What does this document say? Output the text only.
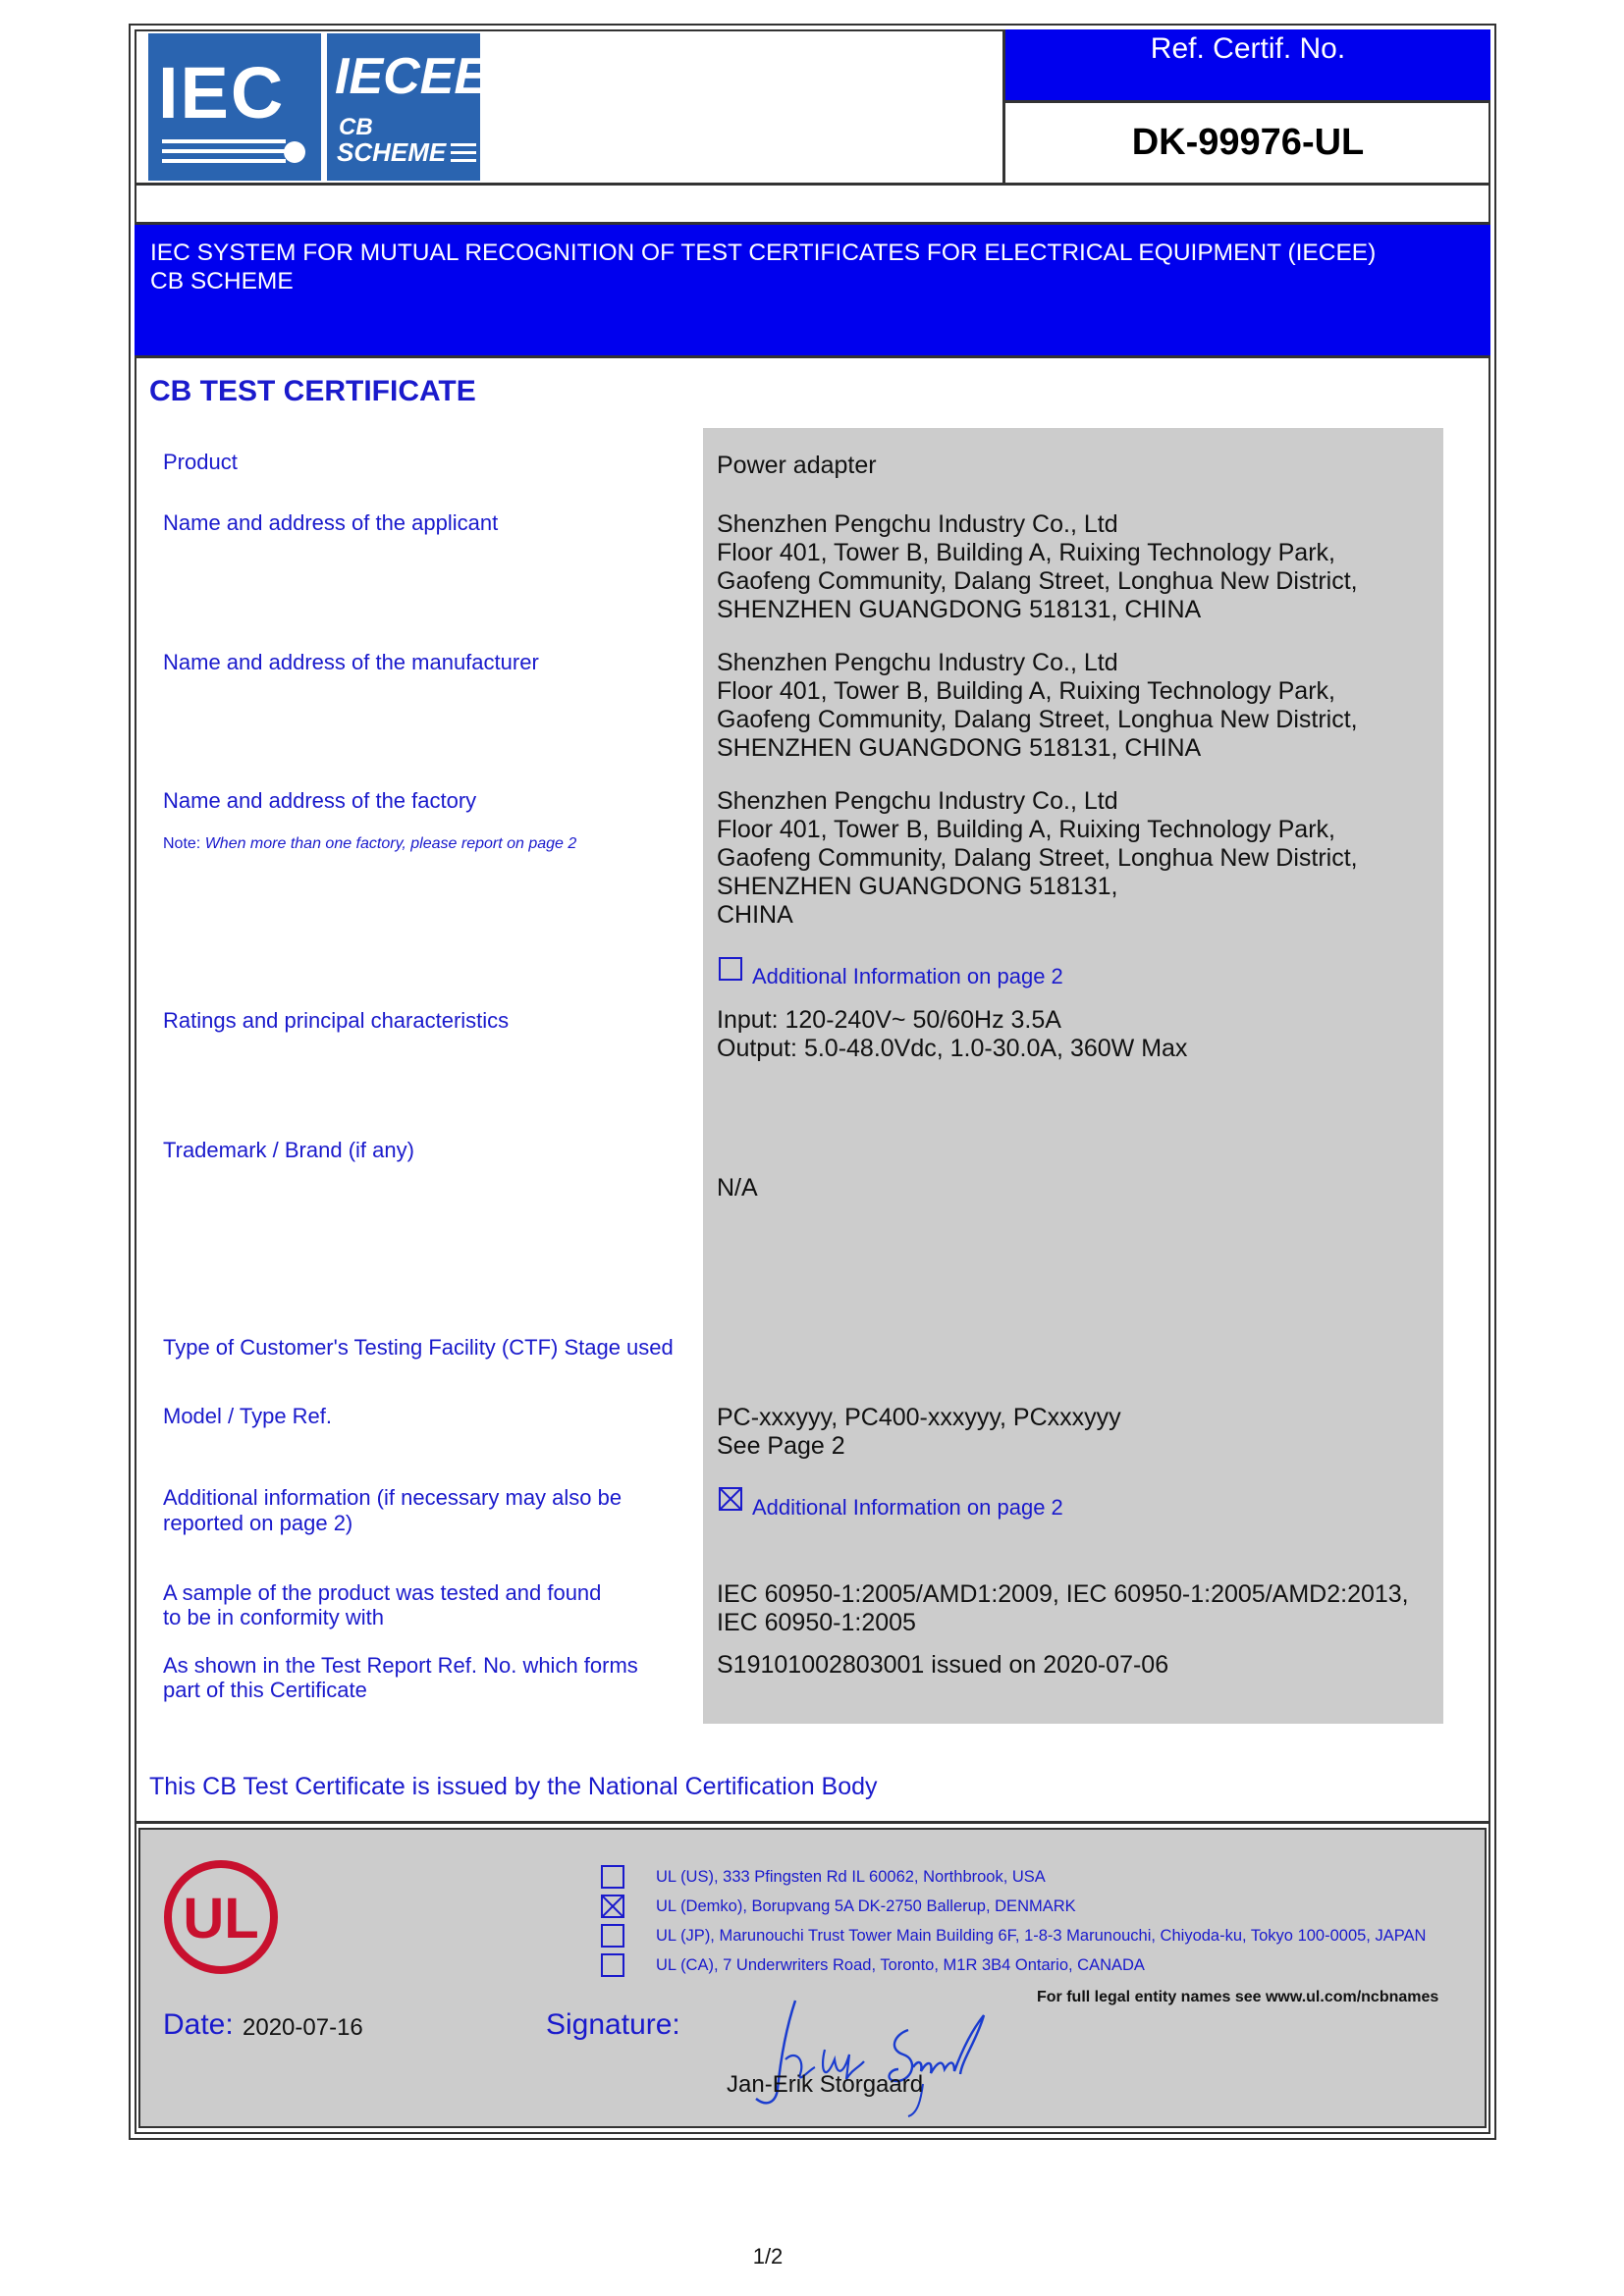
IEC IECEE
CB
SCHEME
Ref. Certif. No.
DK-99976-UL
IEC SYSTEM FOR MUTUAL RECOGNITION OF TEST CERTIFICATES FOR ELECTRICAL EQUIPMENT (IECEE)
CB SCHEME
CB TEST CERTIFICATE
Product
Name and address of the applicant
Name and address of the manufacturer
Name and address of the factory
Note: When more than one factory, please report on page 2
Ratings and principal characteristics
Trademark / Brand (if any)
Type of Customer's Testing Facility (CTF) Stage used
Model / Type Ref.
Additional information (if necessary may also be
reported on page 2)
A sample of the product was tested and found
to be in conformity with
As shown in the Test Report Ref. No. which forms
part of this Certificate
Power adapter
Shenzhen Pengchu Industry Co., Ltd
Floor 401, Tower B, Building A, Ruixing Technology Park,
Gaofeng Community, Dalang Street, Longhua New District,
SHENZHEN GUANGDONG 518131, CHINA
Shenzhen Pengchu Industry Co., Ltd
Floor 401, Tower B, Building A, Ruixing Technology Park,
Gaofeng Community, Dalang Street, Longhua New District,
SHENZHEN GUANGDONG 518131, CHINA
Shenzhen Pengchu Industry Co., Ltd
Floor 401, Tower B, Building A, Ruixing Technology Park,
Gaofeng Community, Dalang Street, Longhua New District,
SHENZHEN GUANGDONG 518131,
CHINA
Additional Information on page 2
Input: 120-240V~ 50/60Hz 3.5A
Output: 5.0-48.0Vdc, 1.0-30.0A, 360W Max
N/A
PC-xxxyyy, PC400-xxxyyy, PCxxxyyy
See Page 2
Additional Information on page 2
IEC 60950-1:2005/AMD1:2009, IEC 60950-1:2005/AMD2:2013,
IEC 60950-1:2005
S19101002803001 issued on 2020-07-06
This CB Test Certificate is issued by the National Certification Body
UL
UL (US), 333 Pfingsten Rd IL 60062, Northbrook, USA
UL (Demko), Borupvang 5A DK-2750 Ballerup, DENMARK
UL (JP), Marunouchi Trust Tower Main Building 6F, 1-8-3 Marunouchi, Chiyoda-ku, Tokyo 100-0005, JAPAN
UL (CA), 7 Underwriters Road, Toronto, M1R 3B4 Ontario, CANADA
For full legal entity names see www.ul.com/ncbnames
Date: 2020-07-16	Signature:
Jan-Erik Storgaard
1/2
